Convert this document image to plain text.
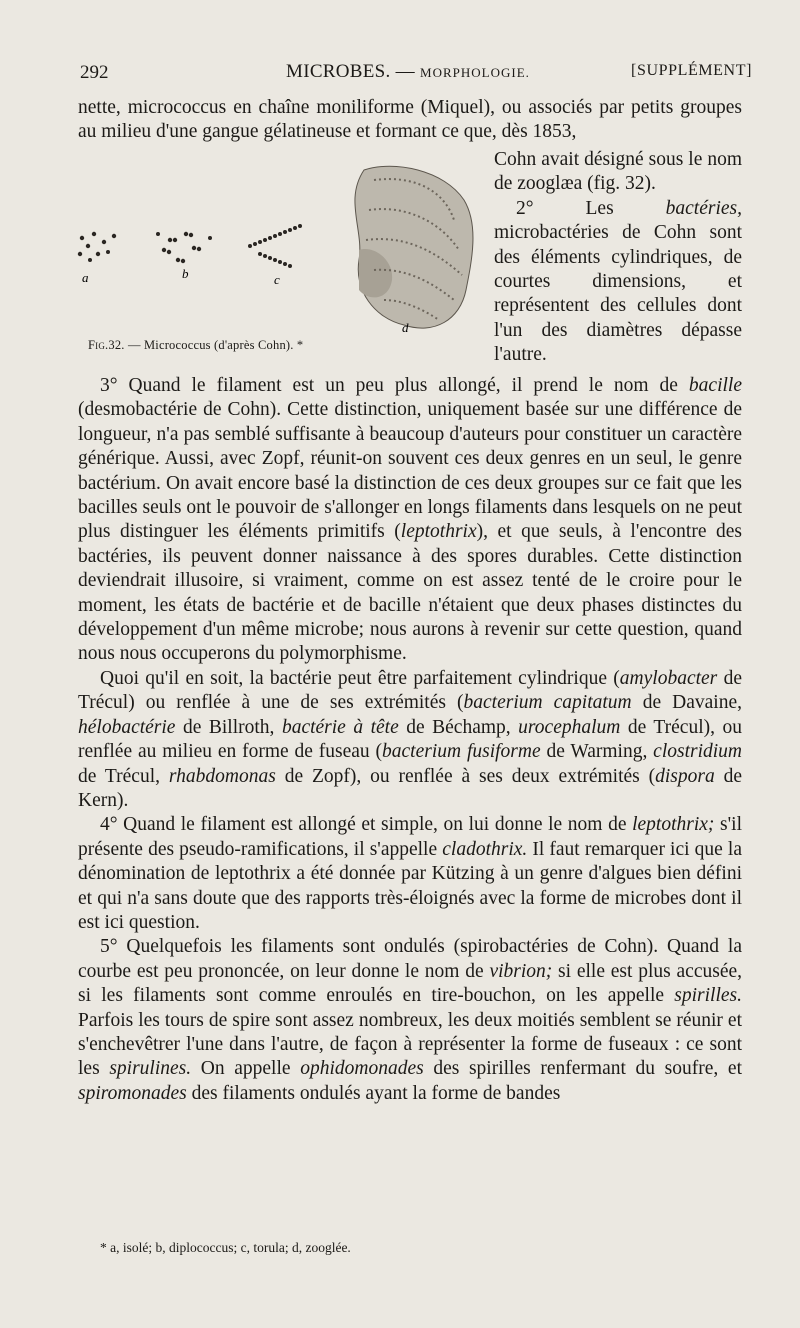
292	MICROBES. — MORPHOLOGIE.	[SUPPLÉMENT]

nette, micrococcus en chaîne moniliforme (Miquel), ou associés par petits groupes au milieu d'une gangue gélatineuse et formant ce que, dès 1853,

a	b	c
d
Fig.32. — Micrococcus (d'après Cohn). *

Cohn avait désigné sous le nom de zooglæa (fig. 32).

2° Les bactéries, microbactéries de Cohn sont des éléments cylindriques, de courtes dimensions, et représentent des cellules dont l'un des diamètres dépasse l'autre.

3° Quand le filament est un peu plus allongé, il prend le nom de bacille (desmobactérie de Cohn). Cette distinction, uniquement basée sur une différence de longueur, n'a pas semblé suffisante à beaucoup d'auteurs pour constituer un caractère générique. Aussi, avec Zopf, réunit-on souvent ces deux genres en un seul, le genre bactérium. On avait encore basé la distinction de ces deux groupes sur ce fait que les bacilles seuls ont le pouvoir de s'allonger en longs filaments dans lesquels on ne peut plus distinguer les éléments primitifs (leptothrix), et que seuls, à l'encontre des bactéries, ils peuvent donner naissance à des spores durables. Cette distinction deviendrait illusoire, si vraiment, comme on est assez tenté de le croire pour le moment, les états de bactérie et de bacille n'étaient que deux phases distinctes du développement d'un même microbe; nous aurons à revenir sur cette question, quand nous nous occuperons du polymorphisme.

Quoi qu'il en soit, la bactérie peut être parfaitement cylindrique (amylobacter de Trécul) ou renflée à une de ses extrémités (bacterium capitatum de Davaine, hélobactérie de Billroth, bactérie à tête de Béchamp, urocephalum de Trécul), ou renflée au milieu en forme de fuseau (bacterium fusiforme de Warming, clostridium de Trécul, rhabdomonas de Zopf), ou renflée à ses deux extrémités (dispora de Kern).

4° Quand le filament est allongé et simple, on lui donne le nom de leptothrix; s'il présente des pseudo-ramifications, il s'appelle cladothrix. Il faut remarquer ici que la dénomination de leptothrix a été donnée par Kützing à un genre d'algues bien défini et qui n'a sans doute que des rapports très-éloignés avec la forme de microbes dont il est ici question.

5° Quelquefois les filaments sont ondulés (spirobactéries de Cohn). Quand la courbe est peu prononcée, on leur donne le nom de vibrion; si elle est plus accusée, si les filaments sont comme enroulés en tire-bouchon, on les appelle spirilles. Parfois les tours de spire sont assez nombreux, les deux moitiés semblent se réunir et s'enchevêtrer l'une dans l'autre, de façon à représenter la forme de fuseaux : ce sont les spirulines. On appelle ophidomonades des spirilles renfermant du soufre, et spiromonades des filaments ondulés ayant la forme de bandes

* a, isolé; b, diplococcus; c, torula; d, zooglée.
